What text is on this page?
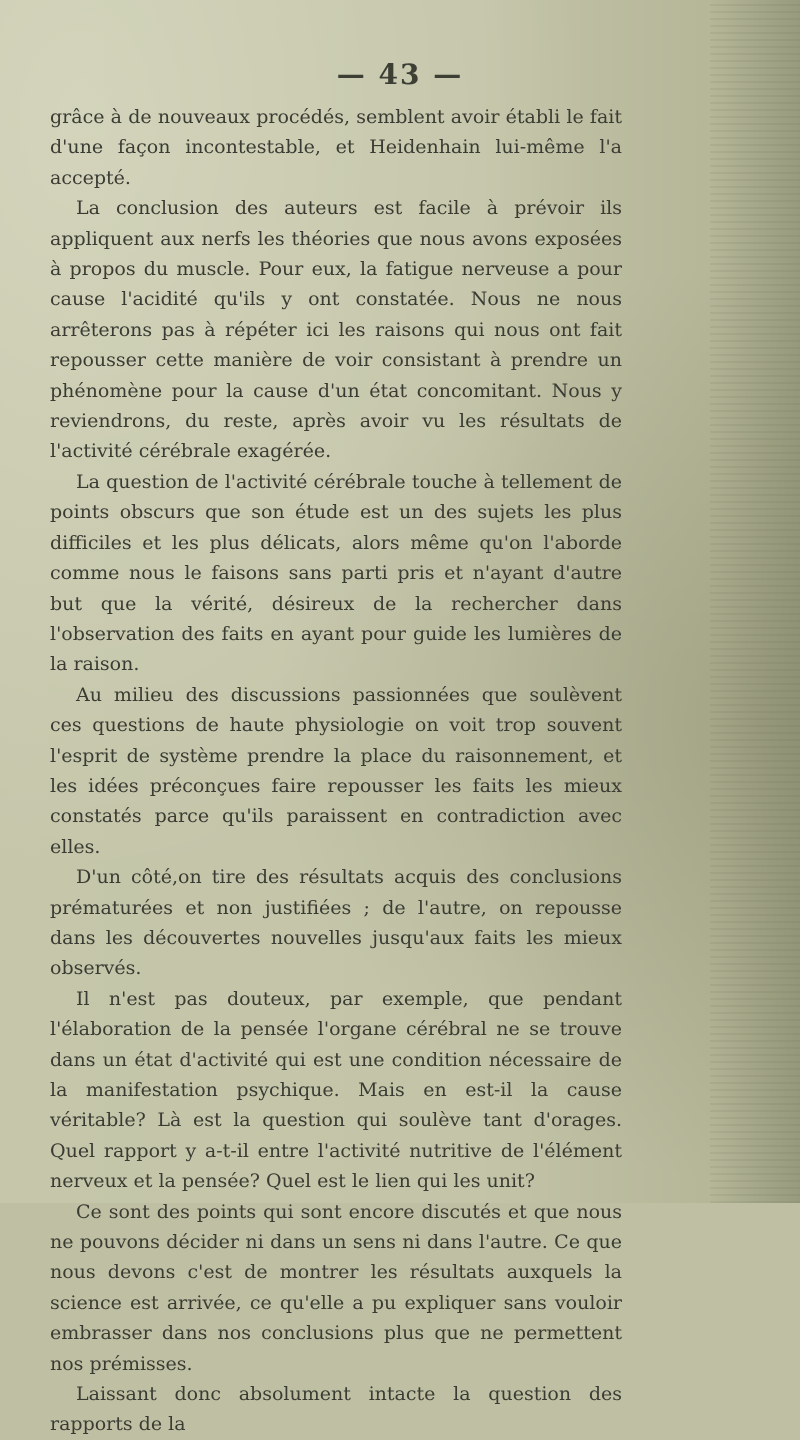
— 43 —

grâce à de nouveaux procédés, semblent avoir établi le fait d'une façon incontestable, et Heidenhain lui-même l'a accepté.

La conclusion des auteurs est facile à prévoir ils appliquent aux nerfs les théories que nous avons exposées à propos du muscle. Pour eux, la fatigue nerveuse a pour cause l'acidité qu'ils y ont constatée. Nous ne nous arrêterons pas à répéter ici les raisons qui nous ont fait repousser cette manière de voir consistant à prendre un phénomène pour la cause d'un état concomitant. Nous y reviendrons, du reste, après avoir vu les résultats de l'activité cérébrale exagérée.

La question de l'activité cérébrale touche à tellement de points obscurs que son étude est un des sujets les plus difficiles et les plus délicats, alors même qu'on l'aborde comme nous le faisons sans parti pris et n'ayant d'autre but que la vérité, désireux de la rechercher dans l'observation des faits en ayant pour guide les lumières de la raison.

Au milieu des discussions passionnées que soulèvent ces questions de haute physiologie on voit trop souvent l'esprit de système prendre la place du raisonnement, et les idées préconçues faire repousser les faits les mieux constatés parce qu'ils paraissent en contradiction avec elles.

D'un côté,on tire des résultats acquis des conclusions prématurées et non justifiées ; de l'autre, on repousse dans les découvertes nouvelles jusqu'aux faits les mieux observés.

Il n'est pas douteux, par exemple, que pendant l'élaboration de la pensée l'organe cérébral ne se trouve dans un état d'activité qui est une condition nécessaire de la manifestation psychique. Mais en est-il la cause véritable? Là est la question qui soulève tant d'orages. Quel rapport y a-t-il entre l'activité nutritive de l'élément nerveux et la pensée? Quel est le lien qui les unit?

Ce sont des points qui sont encore discutés et que nous ne pouvons décider ni dans un sens ni dans l'autre. Ce que nous devons c'est de montrer les résultats auxquels la science est arrivée, ce qu'elle a pu expliquer sans vouloir embrasser dans nos conclusions plus que ne permettent nos prémisses.

Laissant donc absolument intacte la question des rapports de la
